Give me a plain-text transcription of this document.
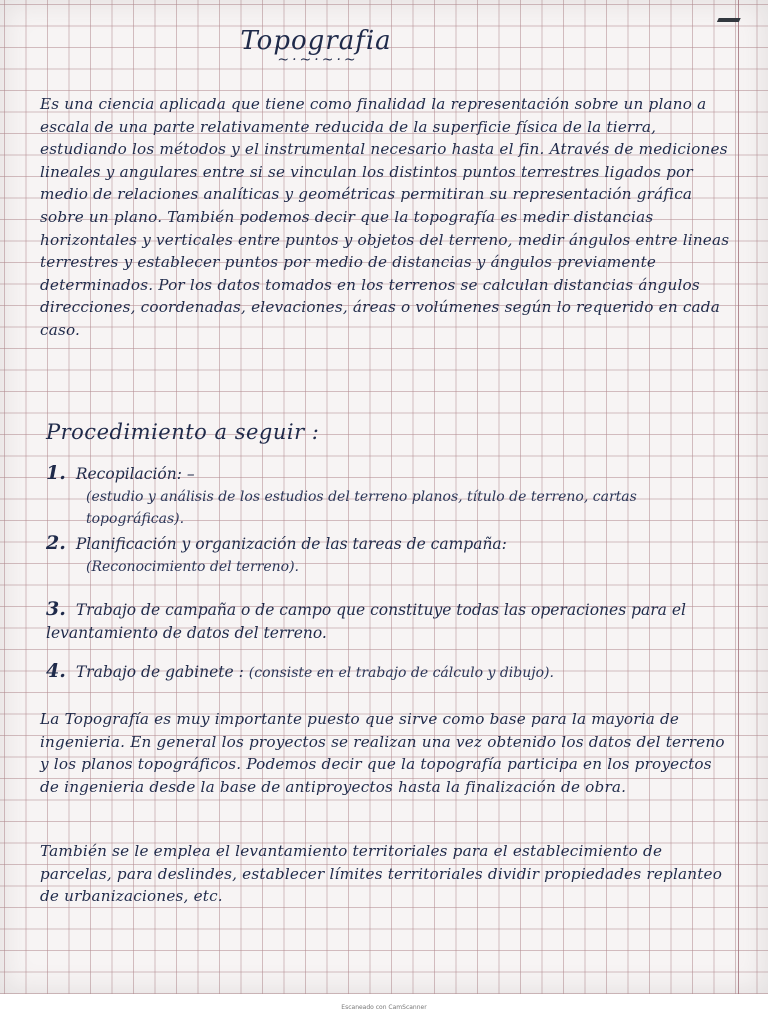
Topografia
~·~·~·~
Es una ciencia aplicada que tiene como finalidad la representación sobre un plano a escala de una parte relativamente reducida de la superficie física de la tierra, estudiando los métodos y el instrumental necesario hasta el fin. Através de mediciones lineales y angulares entre si se vinculan los distintos puntos terrestres ligados por medio de relaciones analíticas y geométricas permitiran su representación gráfica sobre un plano. También podemos decir que la topografía es medir distancias horizontales y verticales entre puntos y objetos del terreno, medir ángulos entre lineas terrestres y establecer puntos por medio de distancias y ángulos previamente determinados. Por los datos tomados en los terrenos se calculan distancias ángulos direcciones, coordenadas, elevaciones, áreas o volúmenes según lo requerido en cada caso.
Procedimiento a seguir :
1. Recopilación: –
(estudio y análisis de los estudios del terreno planos, título de terreno, cartas topográficas).
2. Planificación y organización de las tareas de campaña:
(Reconocimiento del terreno).
3. Trabajo de campaña o de campo que constituye todas las operaciones para el levantamiento de datos del terreno.
4. Trabajo de gabinete : (consiste en el trabajo de cálculo y dibujo).
La Topografía es muy importante puesto que sirve como base para la mayoria de ingenieria. En general los proyectos se realizan una vez obtenido los datos del terreno y los planos topográficos. Podemos decir que la topografía participa en los proyectos de ingenieria desde la base de antiproyectos hasta la finalización de obra.
También se le emplea el levantamiento territoriales para el establecimiento de parcelas, para deslindes, establecer límites territoriales dividir propiedades replanteo de urbanizaciones, etc.
Escaneado con CamScanner
